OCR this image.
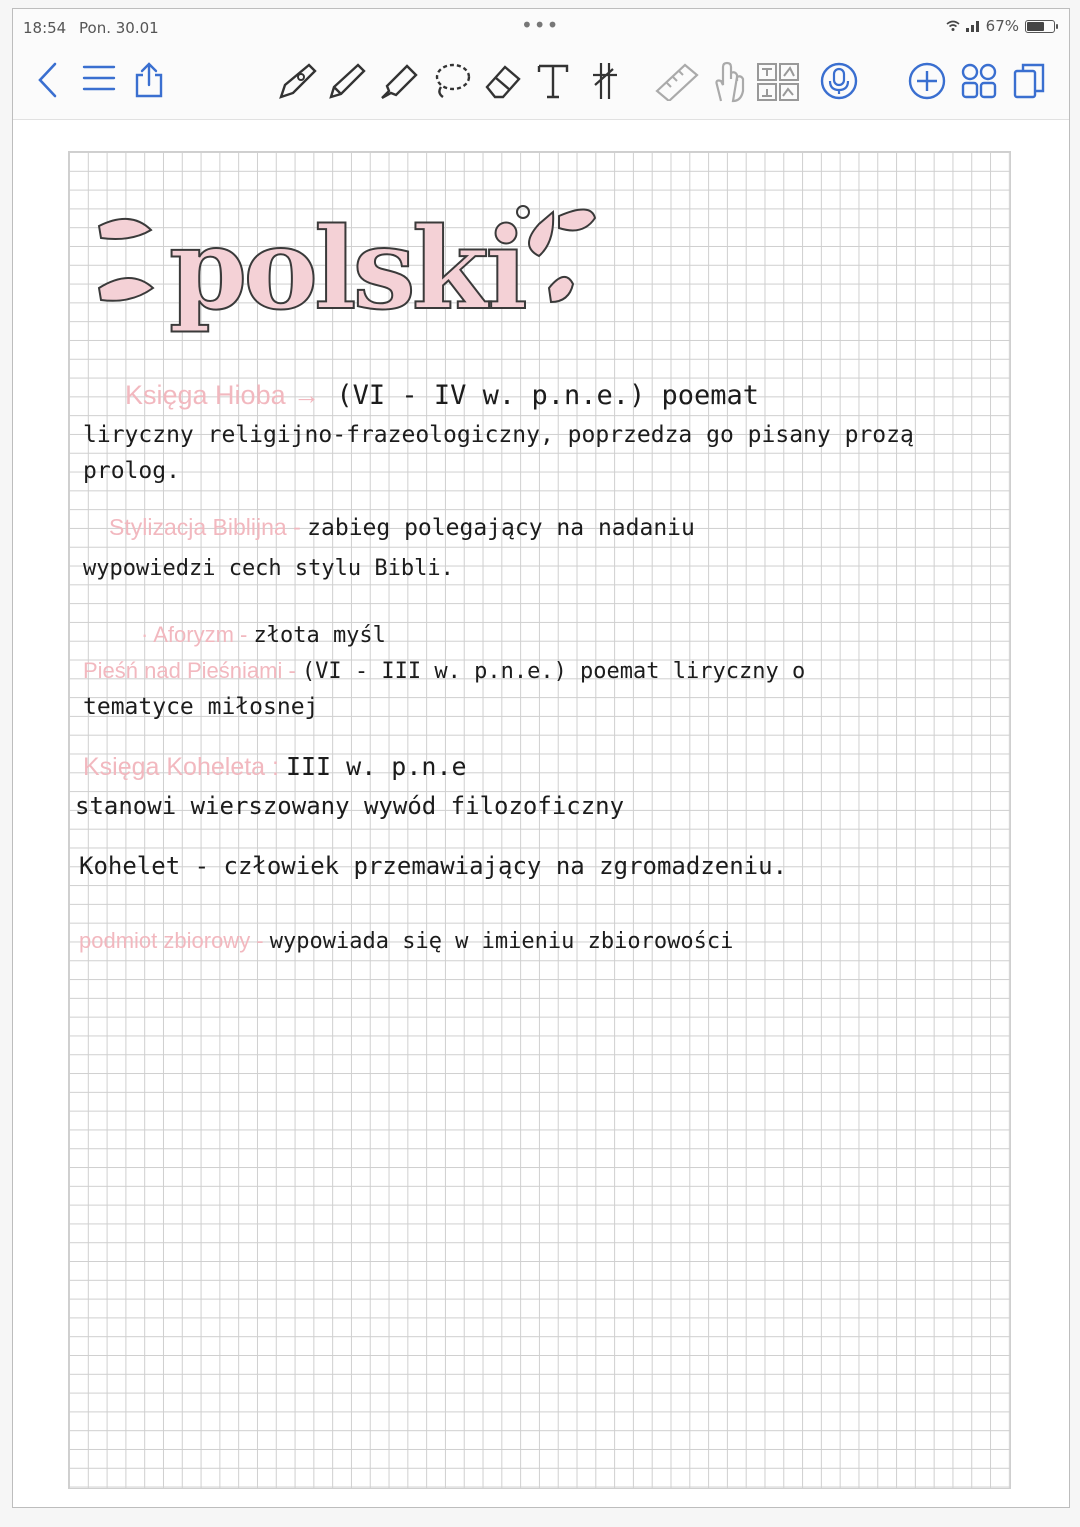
18:54 Pon. 30.01	•••	67%
polski
Księga Hioba → (VI - IV w. p.n.e.) poemat
liryczny religijno-frazeologiczny, poprzedza go pisany prozą
prolog.
Stylizacja Biblijna - zabieg polegający na nadaniu
wypowiedzi cech stylu Bibli.
· Aforyzm - złota myśl
Pieśń nad Pieśniami - (VI - III w. p.n.e.) poemat liryczny o
tematyce miłosnej
Księga Koheleta : III w. p.n.e
stanowi wierszowany wywód filozoficzny
Kohelet - człowiek przemawiający na zgromadzeniu.
podmiot zbiorowy - wypowiada się w imieniu zbiorowości
